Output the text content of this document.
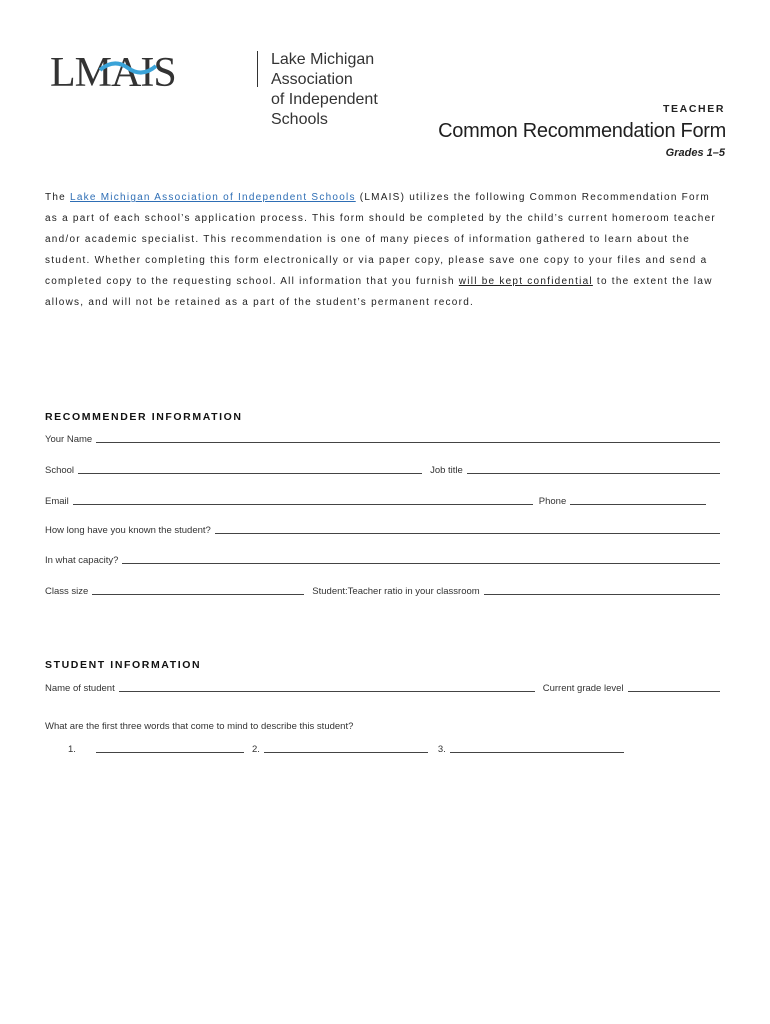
LMAIS	Lake Michigan Association
of Independent Schools
TEACHER
Common Recommendation Form
Grades 1–5
The Lake Michigan Association of Independent Schools (LMAIS) utilizes the following Common Recommendation Form as a part of each school’s application process. This form should be completed by the child’s current homeroom teacher and/or academic specialist. This recommendation is one of many pieces of information gathered to learn about the student. Whether completing this form electronically or via paper copy, please save one copy to your files and send a completed copy to the requesting school. All information that you furnish will be kept confidential to the extent the law allows, and will not be retained as a part of the student’s permanent record.
RECOMMENDER INFORMATION
Your Name
School	Job title
Email	Phone
How long have you known the student?
In what capacity?
Class size	Student:Teacher ratio in your classroom
STUDENT INFORMATION
Name of student	Current grade level
What are the first three words that come to mind to describe this student?
1.	2.	3.
